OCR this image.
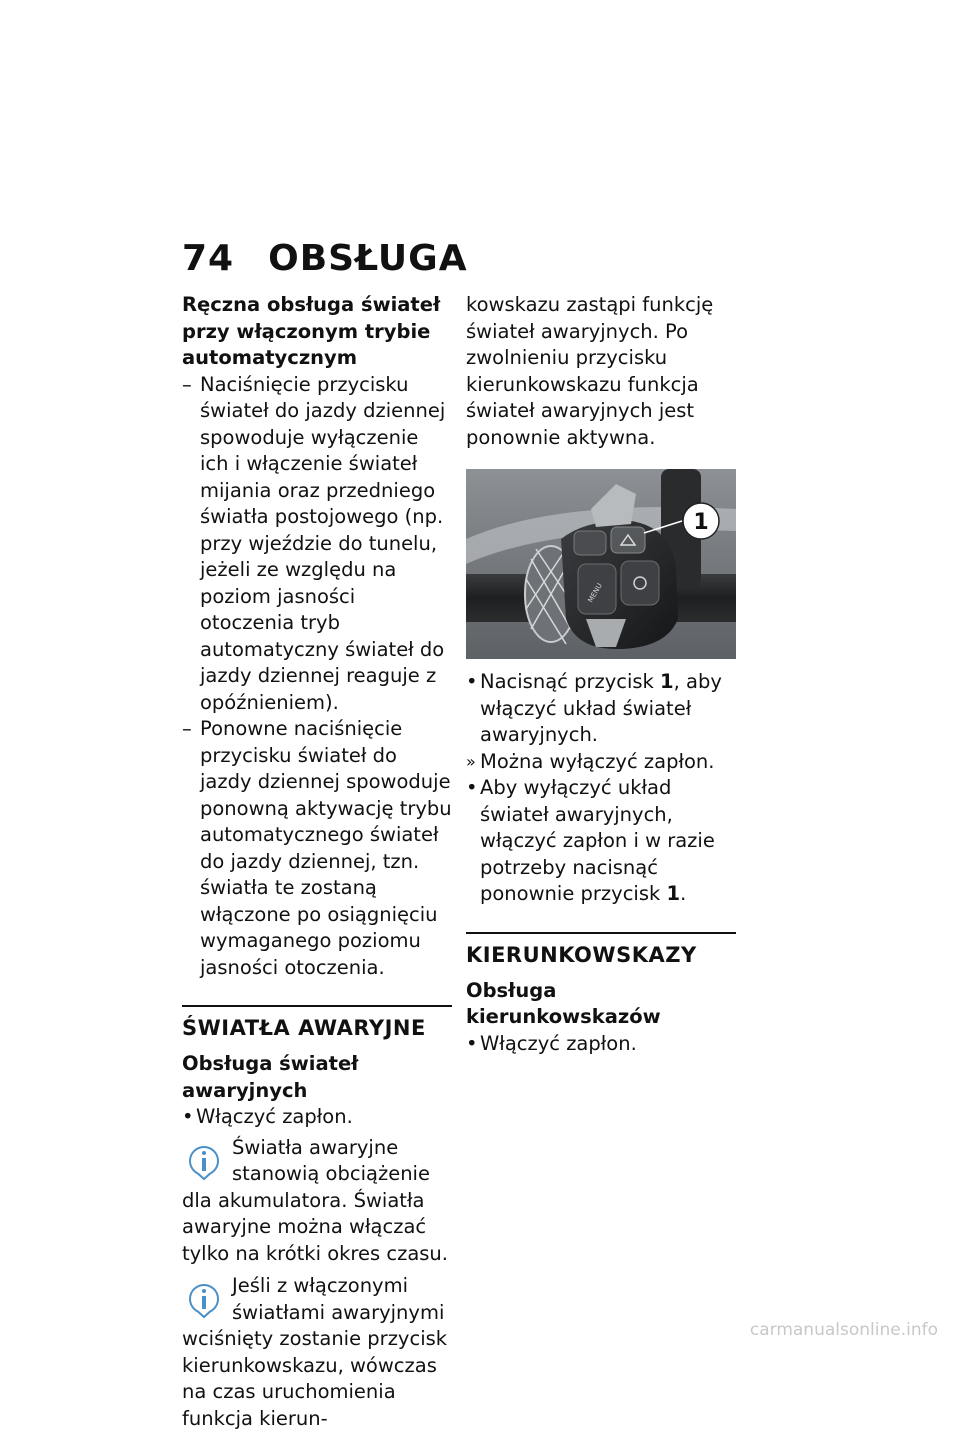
74 OBSŁUGA
Ręczna obsługa świateł przy włączonym trybie automatycznym
– Naciśnięcie przycisku świateł do jazdy dziennej spowoduje wyłączenie ich i włączenie świateł mijania oraz przedniego światła postojowego (np. przy wjeździe do tunelu, jeżeli ze względu na poziom jasności otoczenia tryb automatyczny świateł do jazdy dziennej reaguje z opóźnieniem).
– Ponowne naciśnięcie przycisku świateł do jazdy dziennej spowoduje ponowną aktywację trybu automatycznego świateł do jazdy dziennej, tzn. światła te zostaną włączone po osiągnięciu wymaganego poziomu jasności otoczenia.
ŚWIATŁA AWARYJNE
Obsługa świateł awaryjnych
• Włączyć zapłon.
Światła awaryjne stanowią obciążenie dla akumulatora. Światła awaryjne można włączać tylko na krótki okres czasu.
Jeśli z włączonymi światłami awaryjnymi wciśnięty zostanie przycisk kierunkowskazu, wówczas na czas uruchomienia funkcja kierun-
kowskazu zastąpi funkcję świateł awaryjnych. Po zwolnieniu przycisku kierunkowskazu funkcja świateł awaryjnych jest ponownie aktywna.
MENU
1
• Nacisnąć przycisk 1, aby włączyć układ świateł awaryjnych.
» Można wyłączyć zapłon.
• Aby wyłączyć układ świateł awaryjnych, włączyć zapłon i w razie potrzeby nacisnąć ponownie przycisk 1.
KIERUNKOWSKAZY
Obsługa kierunkowskazów
• Włączyć zapłon.
carmanualsonline.info
